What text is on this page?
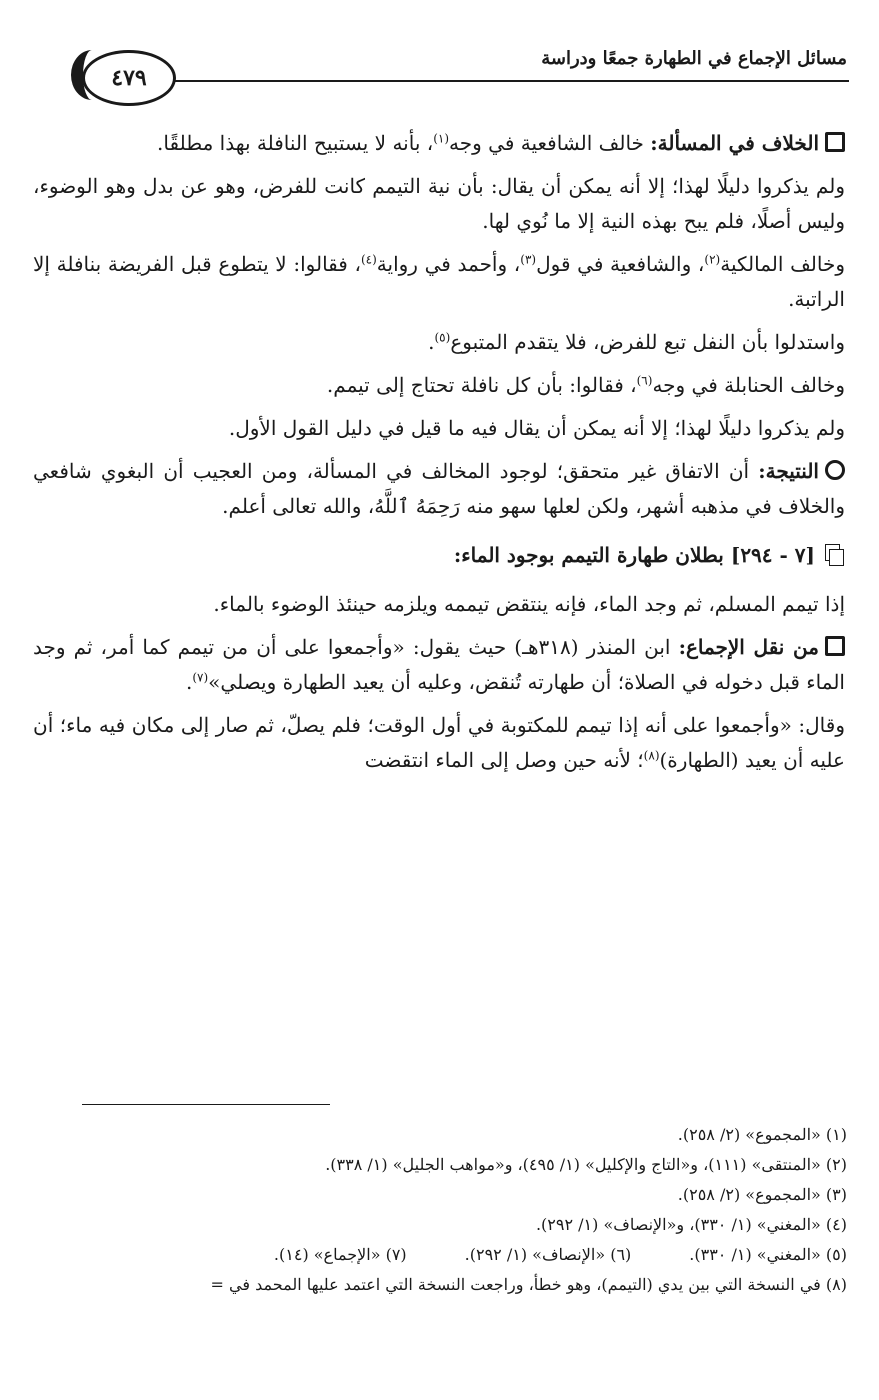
مسائل الإجماع في الطهارة جمعًا ودراسة
٤٧٩

الخلاف في المسألة: خالف الشافعية في وجه$^{(١)}$، بأنه لا يستبيح النافلة بهذا مطلقًا.

ولم يذكروا دليلًا لهذا؛ إلا أنه يمكن أن يقال: بأن نية التيمم كانت للفرض، وهو عن بدل وهو الوضوء، وليس أصلًا، فلم يبح بهذه النية إلا ما نُوي لها.

وخالف المالكية$^{(٢)}$، والشافعية في قول$^{(٣)}$، وأحمد في رواية$^{(٤)}$، فقالوا: لا يتطوع قبل الفريضة بنافلة إلا الراتبة.

واستدلوا بأن النفل تبع للفرض، فلا يتقدم المتبوع$^{(٥)}$.

وخالف الحنابلة في وجه$^{(٦)}$، فقالوا: بأن كل نافلة تحتاج إلى تيمم.

ولم يذكروا دليلًا لهذا؛ إلا أنه يمكن أن يقال فيه ما قيل في دليل القول الأول.

النتيجة: أن الاتفاق غير متحقق؛ لوجود المخالف في المسألة، ومن العجيب أن البغوي شافعي والخلاف في مذهبه أشهر، ولكن لعلها سهو منه رَحِمَهُ ٱللَّهُ، والله تعالى أعلم.

[٧ - ٢٩٤] بطلان طهارة التيمم بوجود الماء:

إذا تيمم المسلم، ثم وجد الماء، فإنه ينتقض تيممه ويلزمه حينئذ الوضوء بالماء.

من نقل الإجماع: ابن المنذر (٣١٨هـ) حيث يقول: «وأجمعوا على أن من تيمم كما أمر، ثم وجد الماء قبل دخوله في الصلاة؛ أن طهارته تُنقض، وعليه أن يعيد الطهارة ويصلي»$^{(٧)}$.

وقال: «وأجمعوا على أنه إذا تيمم للمكتوبة في أول الوقت؛ فلم يصلّ، ثم صار إلى مكان فيه ماء؛ أن عليه أن يعيد (الطهارة)$^{(٨)}$؛ لأنه حين وصل إلى الماء انتقضت

(١) «المجموع» (٢/ ٢٥٨).
(٢) «المنتقى» (١١١)، و«التاج والإكليل» (١/ ٤٩٥)، و«مواهب الجليل» (١/ ٣٣٨).
(٣) «المجموع» (٢/ ٢٥٨).
(٤) «المغني» (١/ ٣٣٠)، و«الإنصاف» (١/ ٢٩٢).
(٥) «المغني» (١/ ٣٣٠).
(٦) «الإنصاف» (١/ ٢٩٢).
(٧) «الإجماع» (١٤).
(٨) في النسخة التي بين يدي (التيمم)، وهو خطأ، وراجعت النسخة التي اعتمد عليها المحمد في =
